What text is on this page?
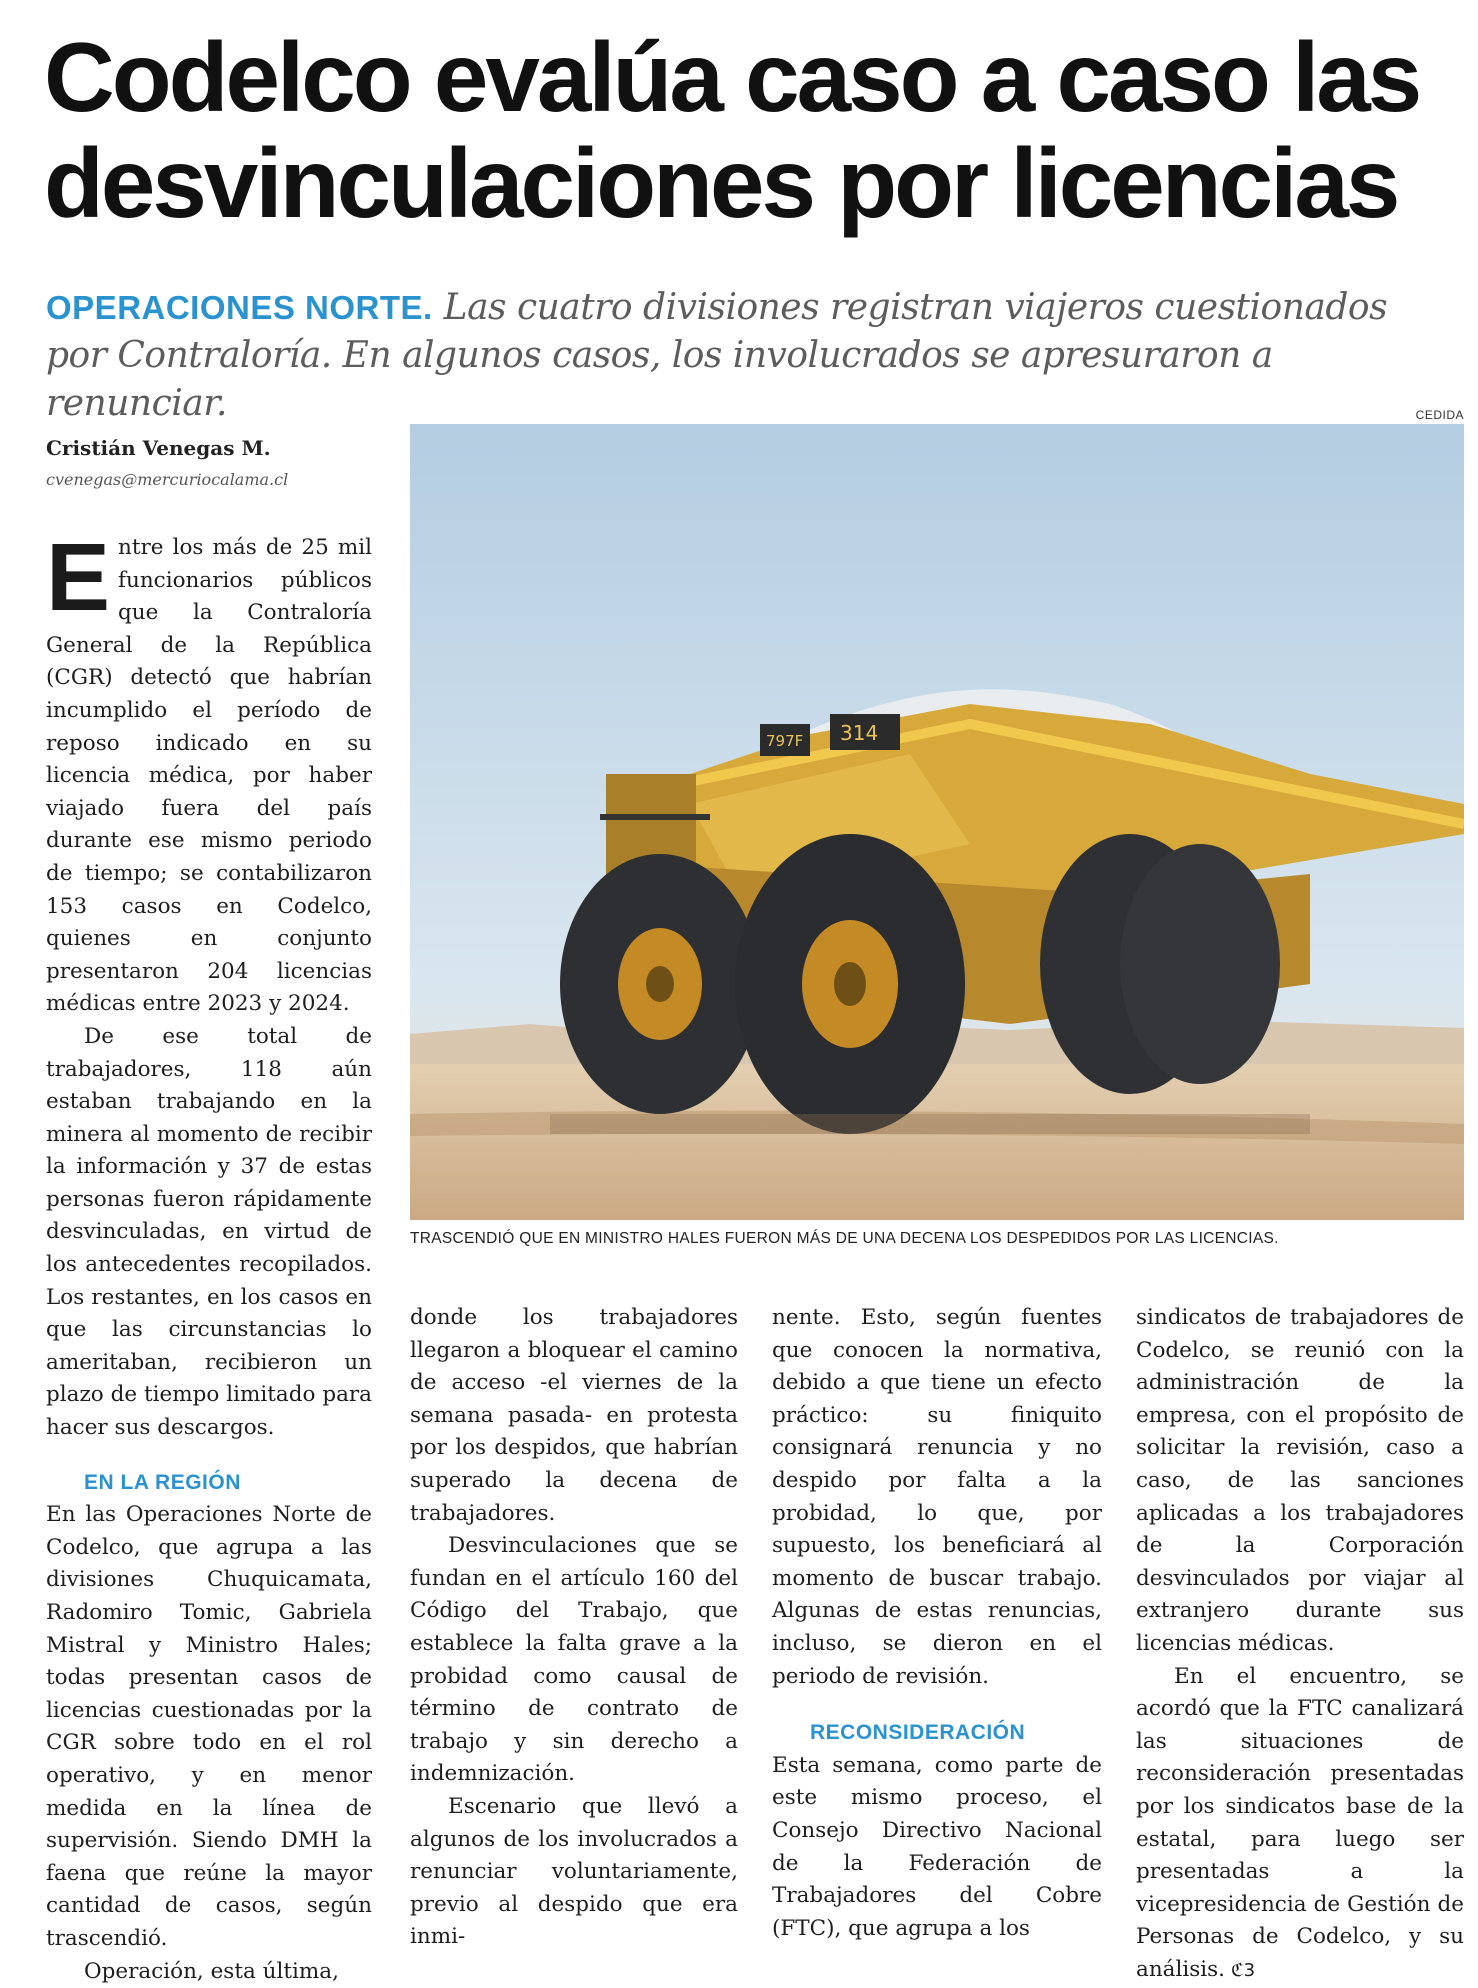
Codelco evalúa caso a caso las desvinculaciones por licencias
OPERACIONES NORTE. Las cuatro divisiones registran viajeros cuestionados por Contraloría. En algunos casos, los involucrados se apresuraron a renunciar.	CEDIDA
Cristián Venegas M.
cvenegas@mercuriocalama.cl
797F 314
TRASCENDIÓ QUE EN MINISTRO HALES FUERON MÁS DE UNA DECENA LOS DESPEDIDOS POR LAS LICENCIAS.

Entre los más de 25 mil funcionarios públicos que la Contraloría General de la República (CGR) detectó que habrían incumplido el período de reposo indicado en su licencia médica, por haber viajado fuera del país durante ese mismo periodo de tiempo; se contabilizaron 153 casos en Codelco, quienes en conjunto presentaron 204 licencias médicas entre 2023 y 2024.

De ese total de trabajadores, 118 aún estaban trabajando en la minera al momento de recibir la información y 37 de estas personas fueron rápidamente desvinculadas, en virtud de los antecedentes recopilados. Los restantes, en los casos en que las circunstancias lo ameritaban, recibieron un plazo de tiempo limitado para hacer sus descargos.

EN LA REGIÓN

En las Operaciones Norte de Codelco, que agrupa a las divisiones Chuquicamata, Radomiro Tomic, Gabriela Mistral y Ministro Hales; todas presentan casos de licencias cuestionadas por la CGR sobre todo en el rol operativo, y en menor medida en la línea de supervisión. Siendo DMH la faena que reúne la mayor cantidad de casos, según trascendió.

Operación, esta última,

donde los trabajadores llegaron a bloquear el camino de acceso -el viernes de la semana pasada- en protesta por los despidos, que habrían superado la decena de trabajadores.

Desvinculaciones que se fundan en el artículo 160 del Código del Trabajo, que establece la falta grave a la probidad como causal de término de contrato de trabajo y sin derecho a indemnización.

Escenario que llevó a algunos de los involucrados a renunciar voluntariamente, previo al despido que era inmi-

nente. Esto, según fuentes que conocen la normativa, debido a que tiene un efecto práctico: su finiquito consignará renuncia y no despido por falta a la probidad, lo que, por supuesto, los beneficiará al momento de buscar trabajo. Algunas de estas renuncias, incluso, se dieron en el periodo de revisión.

RECONSIDERACIÓN

Esta semana, como parte de este mismo proceso, el Consejo Directivo Nacional de la Federación de Trabajadores del Cobre (FTC), que agrupa a los

sindicatos de trabajadores de Codelco, se reunió con la administración de la empresa, con el propósito de solicitar la revisión, caso a caso, de las sanciones aplicadas a los trabajadores de la Corporación desvinculados por viajar al extranjero durante sus licencias médicas.

En el encuentro, se acordó que la FTC canalizará las situaciones de reconsideración presentadas por los sindicatos base de la estatal, para luego ser presentadas a la vicepresidencia de Gestión de Personas de Codelco, y su análisis. ℭ3
